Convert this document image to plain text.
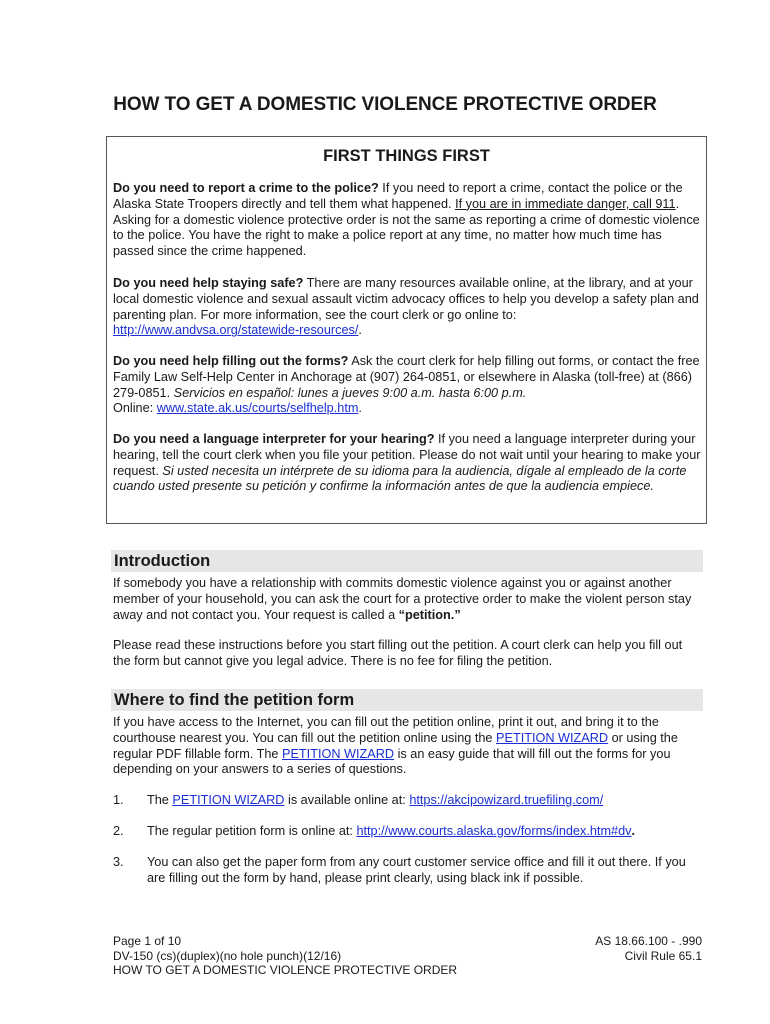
HOW TO GET A DOMESTIC VIOLENCE PROTECTIVE ORDER
FIRST THINGS FIRST

Do you need to report a crime to the police? If you need to report a crime, contact the police or the Alaska State Troopers directly and tell them what happened. If you are in immediate danger, call 911. Asking for a domestic violence protective order is not the same as reporting a crime of domestic violence to the police. You have the right to make a police report at any time, no matter how much time has passed since the crime happened.

Do you need help staying safe? There are many resources available online, at the library, and at your local domestic violence and sexual assault victim advocacy offices to help you develop a safety plan and parenting plan. For more information, see the court clerk or go online to: http://www.andvsa.org/statewide-resources/.

Do you need help filling out the forms? Ask the court clerk for help filling out forms, or contact the free Family Law Self-Help Center in Anchorage at (907) 264-0851, or elsewhere in Alaska (toll-free) at (866) 279-0851. Servicios en español: lunes a jueves 9:00 a.m. hasta 6:00 p.m.
Online: www.state.ak.us/courts/selfhelp.htm.

Do you need a language interpreter for your hearing? If you need a language interpreter during your hearing, tell the court clerk when you file your petition. Please do not wait until your hearing to make your request. Si usted necesita un intérprete de su idioma para la audiencia, dígale al empleado de la corte cuando usted presente su petición y confirme la información antes de que la audiencia empiece.

Introduction

If somebody you have a relationship with commits domestic violence against you or against another member of your household, you can ask the court for a protective order to make the violent person stay away and not contact you. Your request is called a “petition.”

Please read these instructions before you start filling out the petition. A court clerk can help you fill out the form but cannot give you legal advice. There is no fee for filing the petition.

Where to find the petition form

If you have access to the Internet, you can fill out the petition online, print it out, and bring it to the courthouse nearest you. You can fill out the petition online using the PETITION WIZARD or using the regular PDF fillable form. The PETITION WIZARD is an easy guide that will fill out the forms for you depending on your answers to a series of questions.

1.	The PETITION WIZARD is available online at: https://akcipowizard.truefiling.com/
2.	The regular petition form is online at: http://www.courts.alaska.gov/forms/index.htm#dv.
3.	You can also get the paper form from any court customer service office and fill it out there. If you are filling out the form by hand, please print clearly, using black ink if possible.
Page 1 of 10
DV-150 (cs)(duplex)(no hole punch)(12/16)
HOW TO GET A DOMESTIC VIOLENCE PROTECTIVE ORDER
AS 18.66.100 - .990
Civil Rule 65.1
